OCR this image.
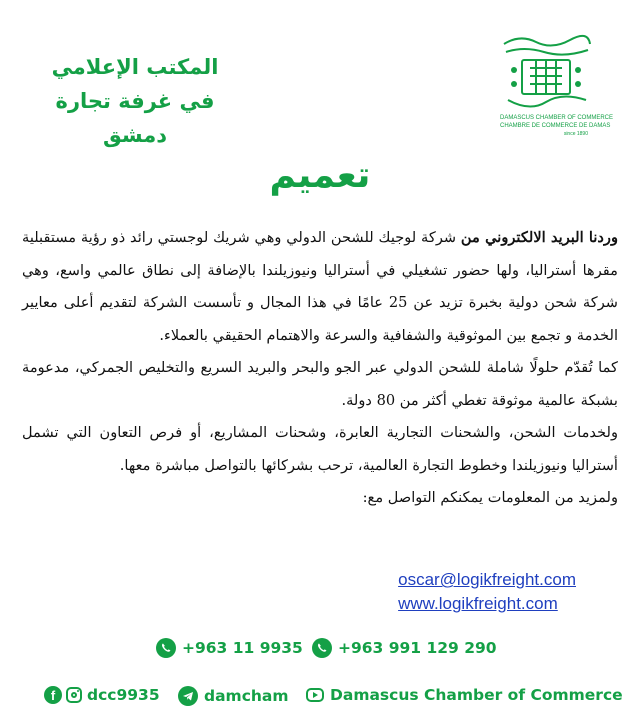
DAMASCUS CHAMBER OF COMMERCE
CHAMBRE DE COMMERCE DE DAMAS
since 1890
المكتب الإعلامي
في غرفة تجارة دمشق
تعميم

وردنا البريد الالكتروني من شركة لوجيك للشحن الدولي وهي شريك لوجستي رائد ذو رؤية مستقبلية مقرها أستراليا، ولها حضور تشغيلي في أستراليا ونيوزيلندا بالإضافة إلى نطاق عالمي واسع، وهي شركة شحن دولية بخبرة تزيد عن 25 عامًا في هذا المجال و تأسست الشركة لتقديم أعلى معايير الخدمة و تجمع بين الموثوقية والشفافية والسرعة والاهتمام الحقيقي بالعملاء.

كما تُقدّم حلولًا شاملة للشحن الدولي عبر الجو والبحر والبريد السريع والتخليص الجمركي، مدعومة بشبكة عالمية موثوقة تغطي أكثر من 80 دولة.

ولخدمات الشحن، والشحنات التجارية العابرة، وشحنات المشاريع، أو فرص التعاون التي تشمل أستراليا ونيوزيلندا وخطوط التجارة العالمية، ترحب بشركائها بالتواصل مباشرة معها.

ولمزيد من المعلومات يمكنكم التواصل مع:

oscar@logikfreight.com
www.logikfreight.com
+963 11 9935 +963 991 129 290
f	dcc9935	damcham	Damascus Chamber of Commerce
